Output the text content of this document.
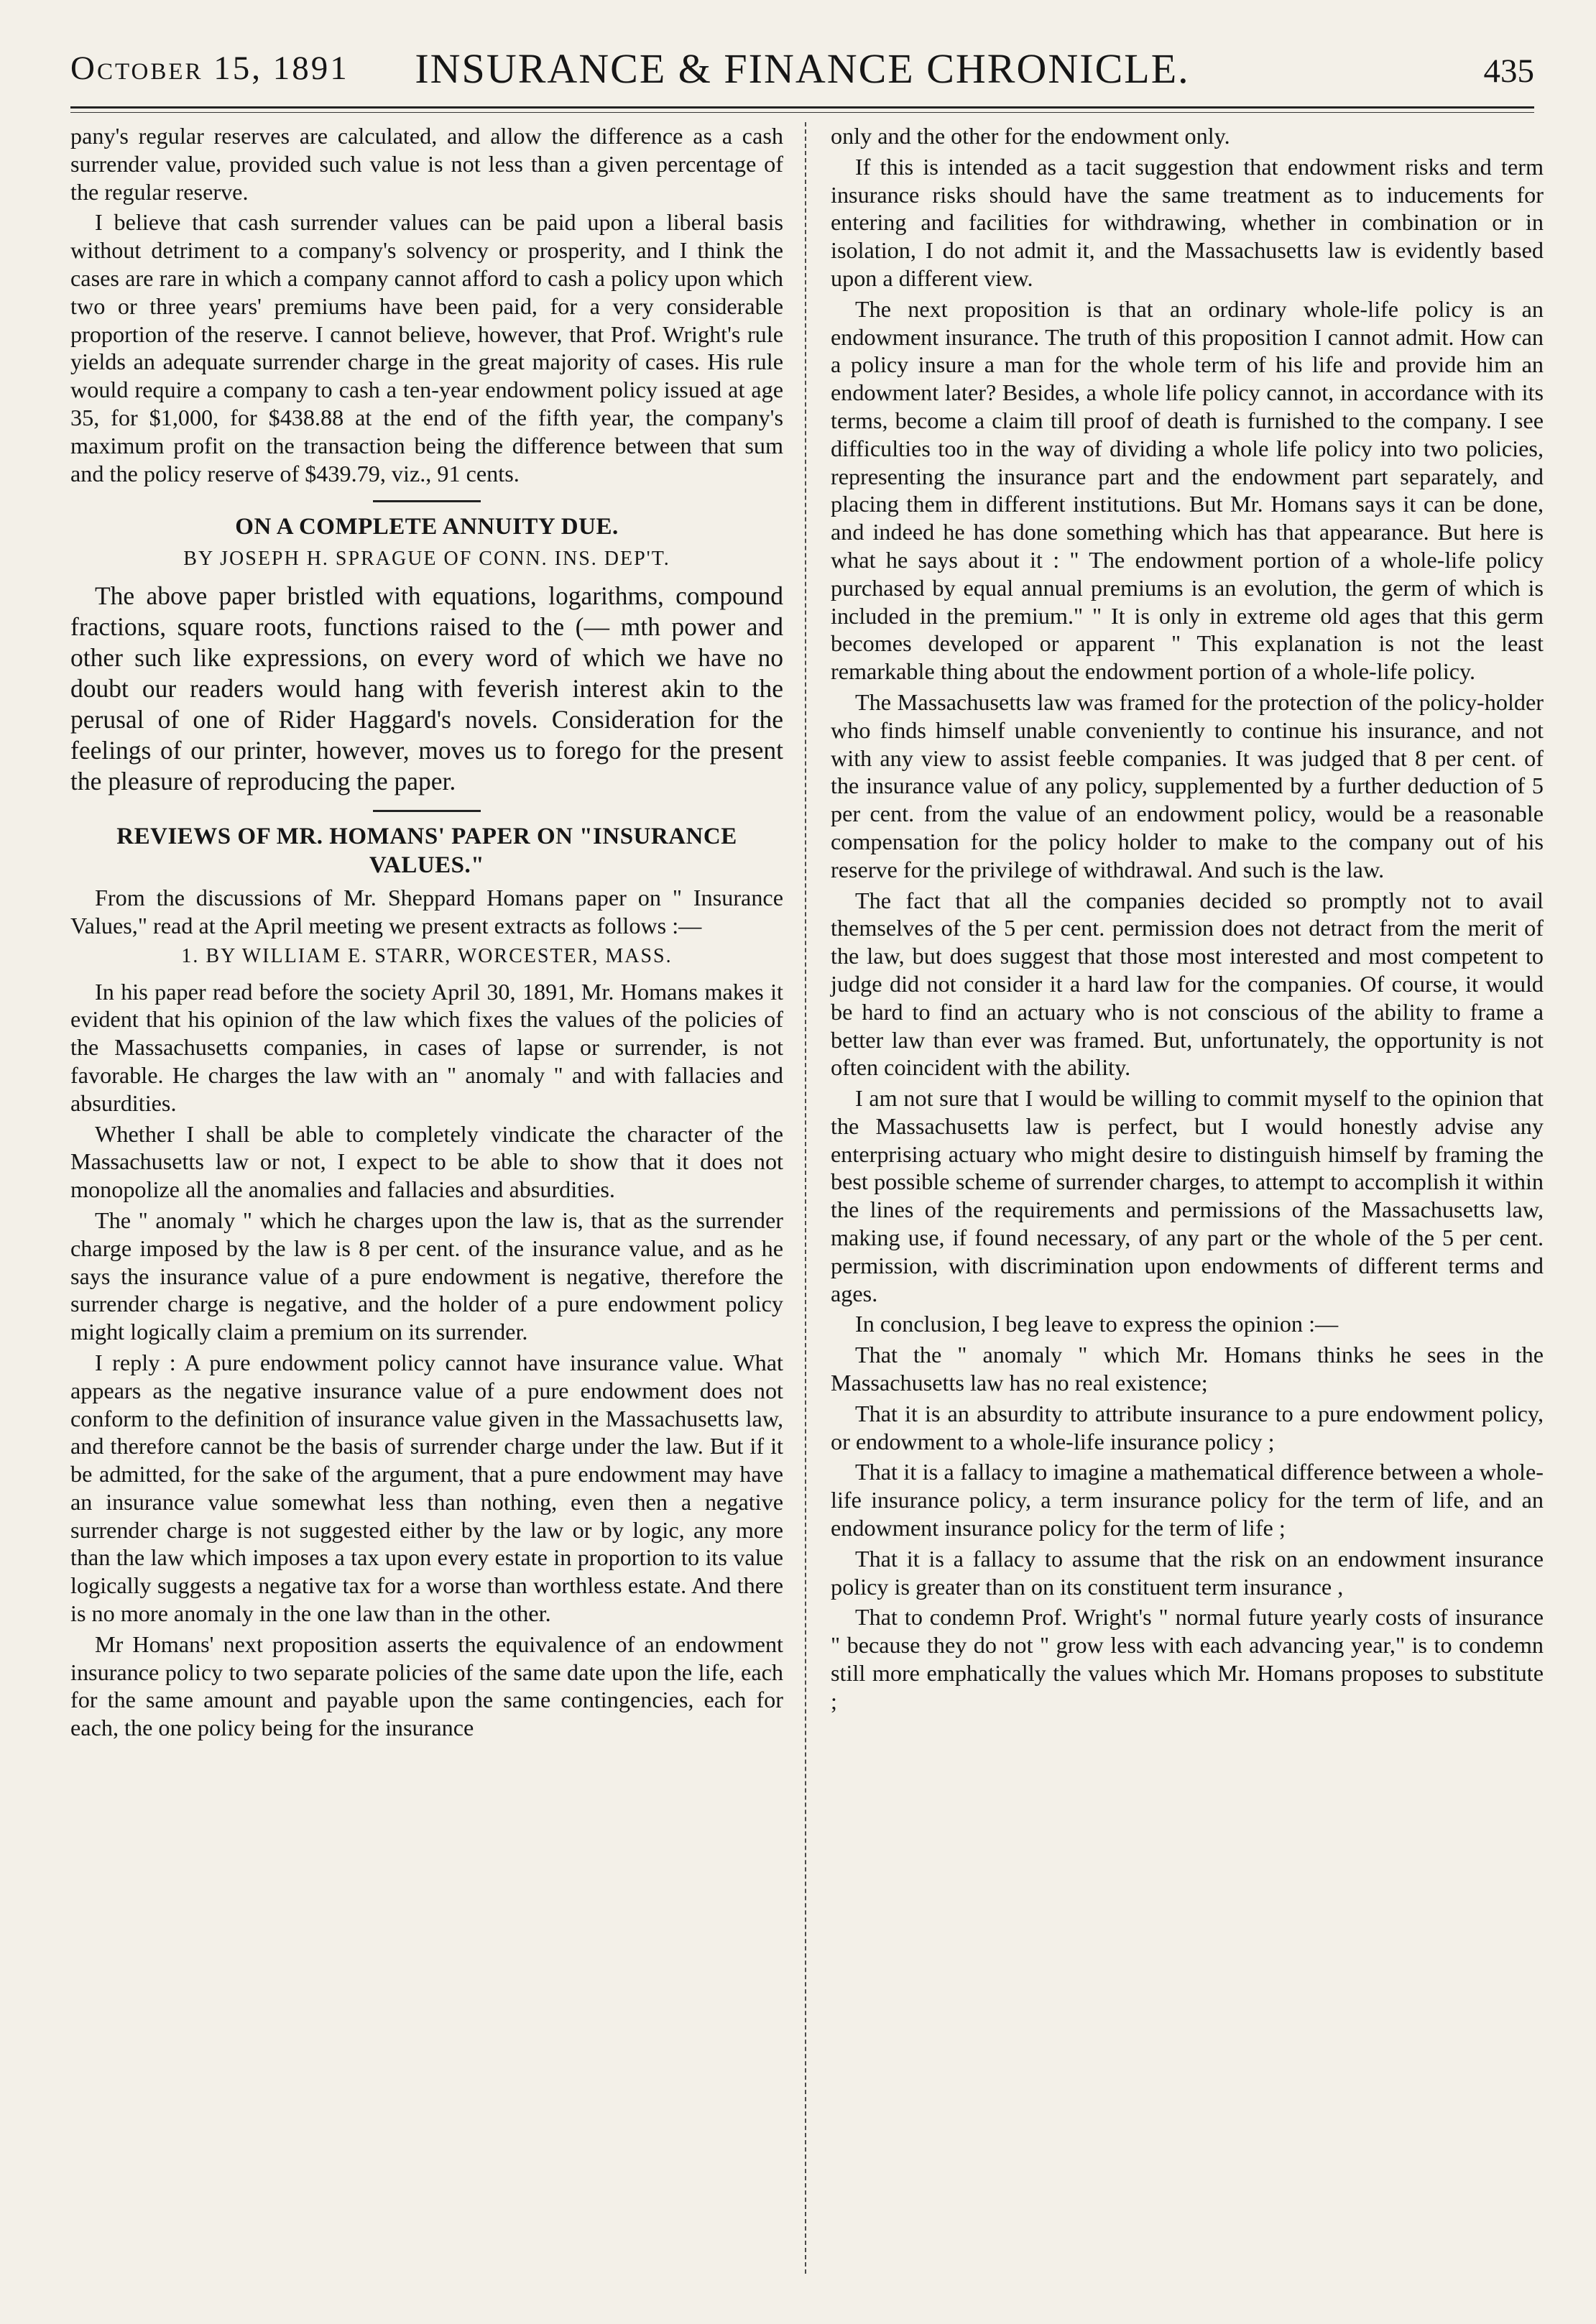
October 15, 1891	INSURANCE & FINANCE CHRONICLE.	435

pany's regular reserves are calculated, and allow the difference as a cash surrender value, provided such value is not less than a given percentage of the regular reserve.

I believe that cash surrender values can be paid upon a liberal basis without detriment to a company's solvency or prosperity, and I think the cases are rare in which a company cannot afford to cash a policy upon which two or three years' premiums have been paid, for a very considerable proportion of the reserve. I cannot believe, however, that Prof. Wright's rule yields an adequate surrender charge in the great majority of cases. His rule would require a company to cash a ten-year endowment policy issued at age 35, for $1,000, for $438.88 at the end of the fifth year, the company's maximum profit on the transaction being the difference between that sum and the policy reserve of $439.79, viz., 91 cents.

ON A COMPLETE ANNUITY DUE.
BY JOSEPH H. SPRAGUE OF CONN. INS. DEP'T.

The above paper bristled with equations, logarithms, compound fractions, square roots, functions raised to the (— mth power and other such like expressions, on every word of which we have no doubt our readers would hang with feverish interest akin to the perusal of one of Rider Haggard's novels. Consideration for the feelings of our printer, however, moves us to forego for the present the pleasure of reproducing the paper.

REVIEWS OF MR. HOMANS' PAPER ON "INSURANCE VALUES."

From the discussions of Mr. Sheppard Homans paper on " Insurance Values," read at the April meeting we present extracts as follows :—

1. BY WILLIAM E. STARR, WORCESTER, MASS.

In his paper read before the society April 30, 1891, Mr. Homans makes it evident that his opinion of the law which fixes the values of the policies of the Massachusetts companies, in cases of lapse or surrender, is not favorable. He charges the law with an " anomaly " and with fallacies and absurdities.

Whether I shall be able to completely vindicate the character of the Massachusetts law or not, I expect to be able to show that it does not monopolize all the anomalies and fallacies and absurdities.

The " anomaly " which he charges upon the law is, that as the surrender charge imposed by the law is 8 per cent. of the insurance value, and as he says the insurance value of a pure endowment is negative, therefore the surrender charge is negative, and the holder of a pure endowment policy might logically claim a premium on its surrender.

I reply : A pure endowment policy cannot have insurance value. What appears as the negative insurance value of a pure endowment does not conform to the definition of insurance value given in the Massachusetts law, and therefore cannot be the basis of surrender charge under the law. But if it be admitted, for the sake of the argument, that a pure endowment may have an insurance value somewhat less than nothing, even then a negative surrender charge is not suggested either by the law or by logic, any more than the law which imposes a tax upon every estate in proportion to its value logically suggests a negative tax for a worse than worthless estate. And there is no more anomaly in the one law than in the other.

Mr Homans' next proposition asserts the equivalence of an endowment insurance policy to two separate policies of the same date upon the life, each for the same amount and payable upon the same contingencies, each for each, the one policy being for the insurance

only and the other for the endowment only.

If this is intended as a tacit suggestion that endowment risks and term insurance risks should have the same treatment as to inducements for entering and facilities for withdrawing, whether in combination or in isolation, I do not admit it, and the Massachusetts law is evidently based upon a different view.

The next proposition is that an ordinary whole-life policy is an endowment insurance. The truth of this proposition I cannot admit. How can a policy insure a man for the whole term of his life and provide him an endowment later? Besides, a whole life policy cannot, in accordance with its terms, become a claim till proof of death is furnished to the company. I see difficulties too in the way of dividing a whole life policy into two policies, representing the insurance part and the endowment part separately, and placing them in different institutions. But Mr. Homans says it can be done, and indeed he has done something which has that appearance. But here is what he says about it : " The endowment portion of a whole-life policy purchased by equal annual premiums is an evolution, the germ of which is included in the premium." " It is only in extreme old ages that this germ becomes developed or apparent " This explanation is not the least remarkable thing about the endowment portion of a whole-life policy.

The Massachusetts law was framed for the protection of the policy-holder who finds himself unable conveniently to continue his insurance, and not with any view to assist feeble companies. It was judged that 8 per cent. of the insurance value of any policy, supplemented by a further deduction of 5 per cent. from the value of an endowment policy, would be a reasonable compensation for the policy holder to make to the company out of his reserve for the privilege of withdrawal. And such is the law.

The fact that all the companies decided so promptly not to avail themselves of the 5 per cent. permission does not detract from the merit of the law, but does suggest that those most interested and most competent to judge did not consider it a hard law for the companies. Of course, it would be hard to find an actuary who is not conscious of the ability to frame a better law than ever was framed. But, unfortunately, the opportunity is not often coincident with the ability.

I am not sure that I would be willing to commit myself to the opinion that the Massachusetts law is perfect, but I would honestly advise any enterprising actuary who might desire to distinguish himself by framing the best possible scheme of surrender charges, to attempt to accomplish it within the lines of the requirements and permissions of the Massachusetts law, making use, if found necessary, of any part or the whole of the 5 per cent. permission, with discrimination upon endowments of different terms and ages.

In conclusion, I beg leave to express the opinion :—

That the " anomaly " which Mr. Homans thinks he sees in the Massachusetts law has no real existence;

That it is an absurdity to attribute insurance to a pure endowment policy, or endowment to a whole-life insurance policy ;

That it is a fallacy to imagine a mathematical difference between a whole-life insurance policy, a term insurance policy for the term of life, and an endowment insurance policy for the term of life ;

That it is a fallacy to assume that the risk on an endowment insurance policy is greater than on its constituent term insurance ,

That to condemn Prof. Wright's " normal future yearly costs of insurance " because they do not " grow less with each advancing year," is to condemn still more emphatically the values which Mr. Homans proposes to substitute ;
